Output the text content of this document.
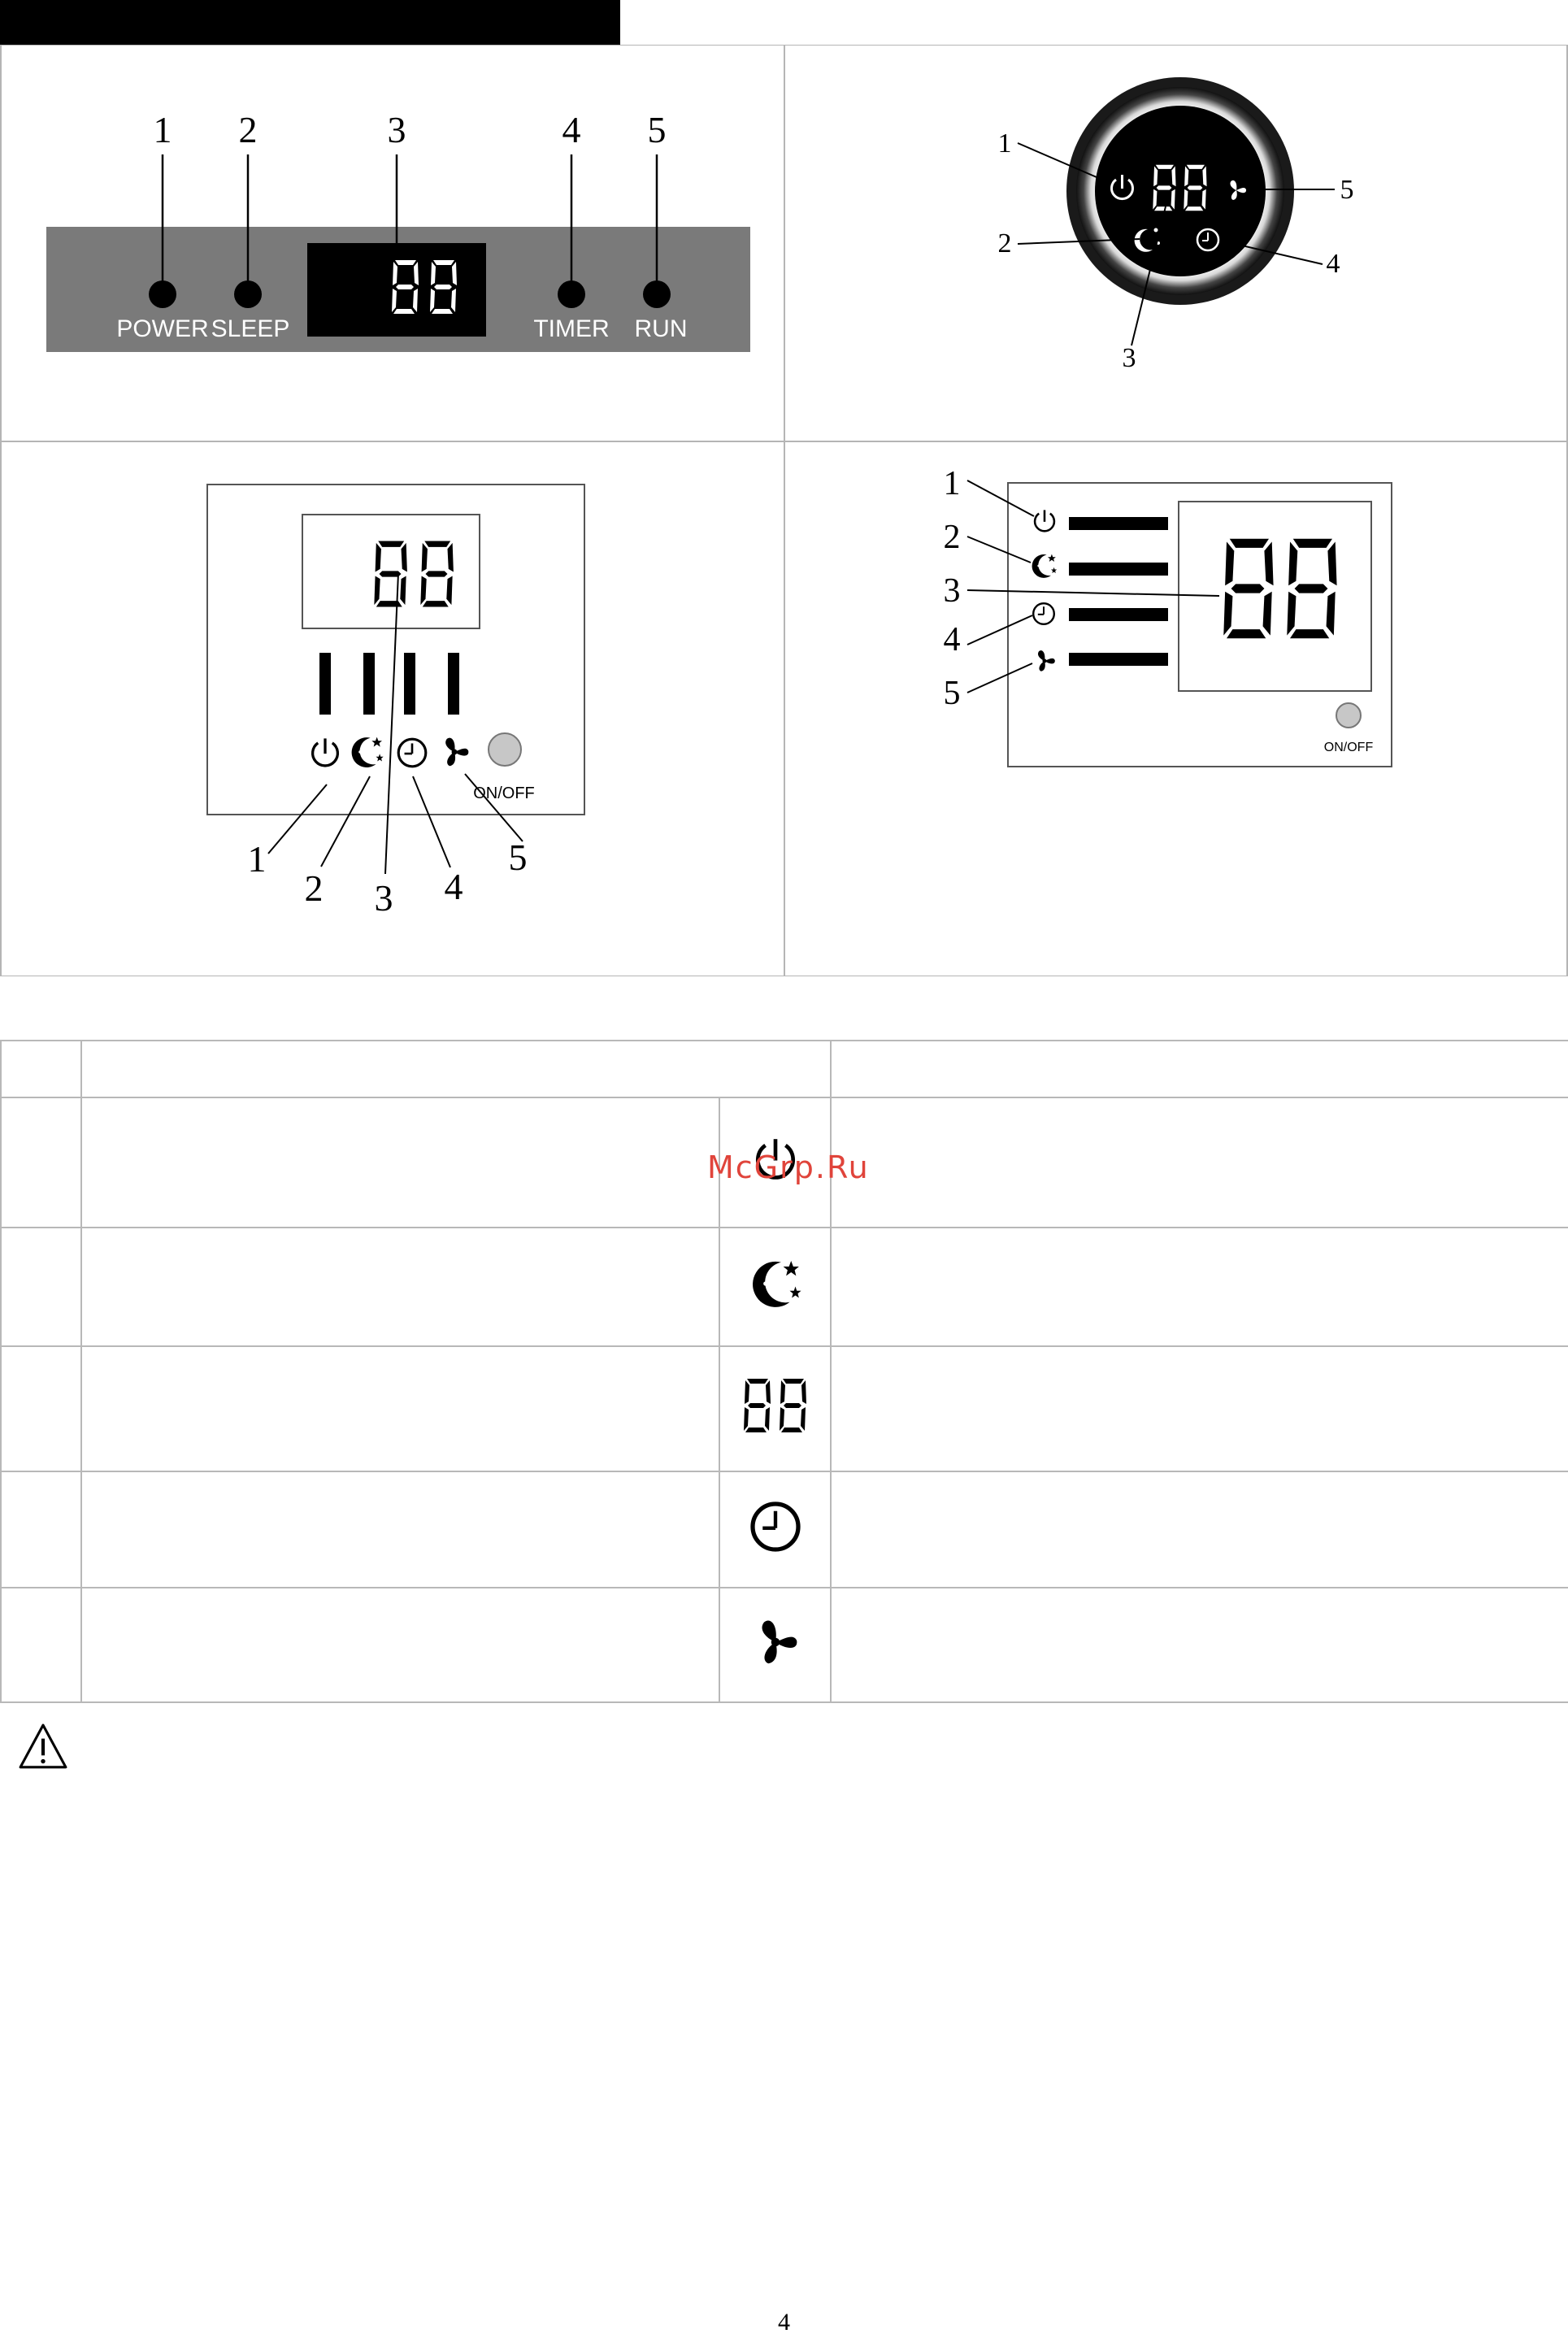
1 2	3	4 5
POWER SLEEP	TIMER RUN
1
2
3
4
5
ON/OFF
1
2 3 4
5
ON/OFF
1
2
3
4
5

McGrp.Ru
4
